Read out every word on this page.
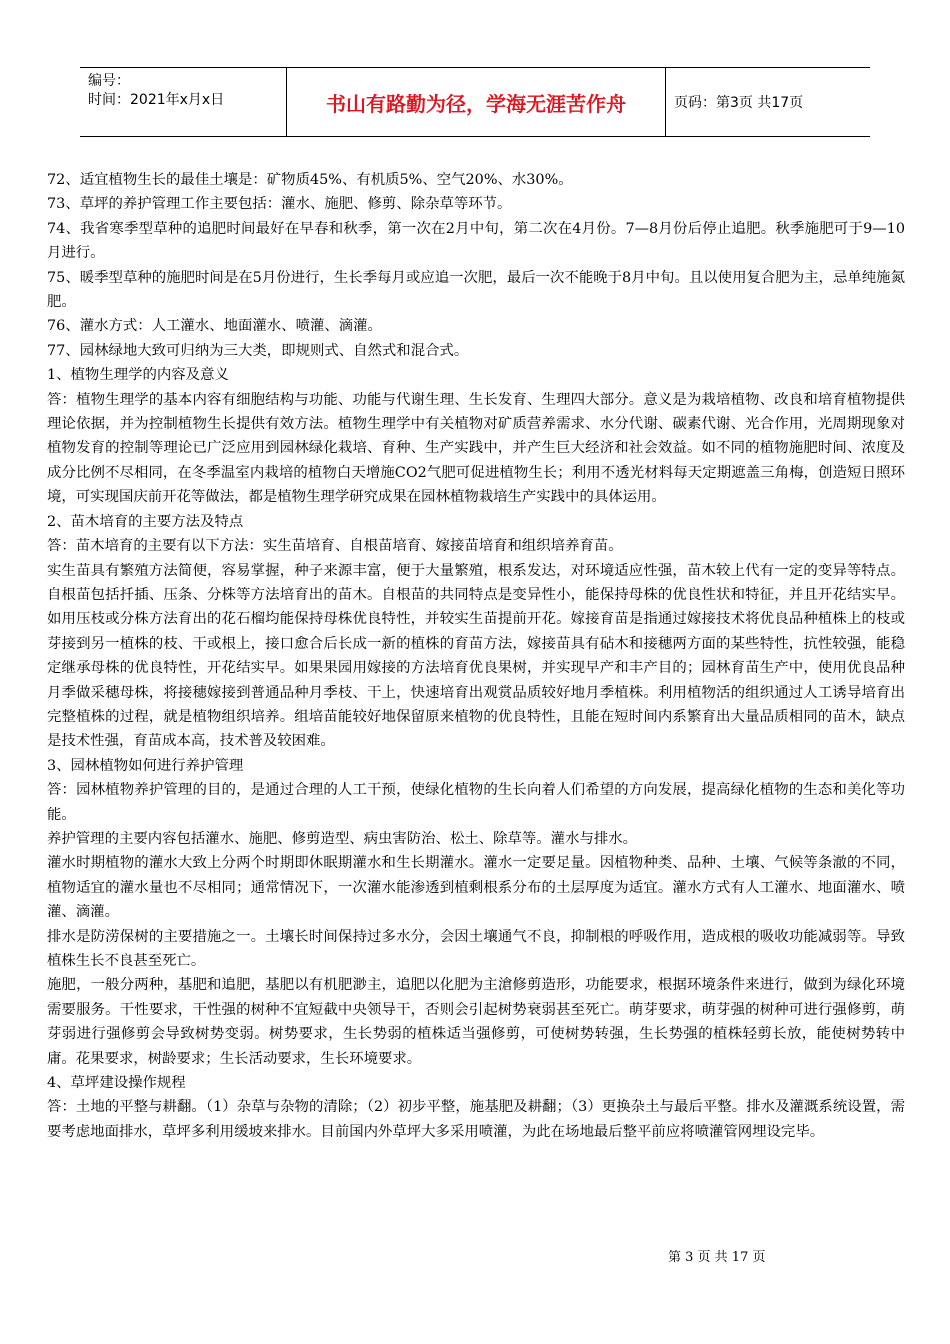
编号：
时间：2021年x月x日	书山有路勤为径，学海无涯苦作舟	页码：第3页 共17页

72、适宜植物生长的最佳土壤是：矿物质45%、有机质5%、空气20%、水30%。

73、草坪的养护管理工作主要包括：灌水、施肥、修剪、除杂草等环节。

74、我省寒季型草种的追肥时间最好在早春和秋季，第一次在2月中旬，第二次在4月份。7—8月份后停止追肥。秋季施肥可于9—10月进行。

75、暖季型草种的施肥时间是在5月份进行，生长季每月或应追一次肥，最后一次不能晚于8月中旬。且以使用复合肥为主，忌单纯施氮肥。

76、灌水方式：人工灌水、地面灌水、喷灌、滴灌。

77、园林绿地大致可归纳为三大类，即规则式、自然式和混合式。

1、植物生理学的内容及意义

答：植物生理学的基本内容有细胞结构与功能、功能与代谢生理、生长发育、生理四大部分。意义是为栽培植物、改良和培育植物提供理论依据，并为控制植物生长提供有效方法。植物生理学中有关植物对矿质营养需求、水分代谢、碳素代谢、光合作用，光周期现象对植物发育的控制等理论已广泛应用到园林绿化栽培、育种、生产实践中，并产生巨大经济和社会效益。如不同的植物施肥时间、浓度及成分比例不尽相同，在冬季温室内栽培的植物白天增施CO2气肥可促进植物生长；利用不透光材料每天定期遮盖三角梅，创造短日照环境，可实现国庆前开花等做法，都是植物生理学研究成果在园林植物栽培生产实践中的具体运用。

2、苗木培育的主要方法及特点

答：苗木培育的主要有以下方法：实生苗培育、自根苗培育、嫁接苗培育和组织培养育苗。

实生苗具有繁殖方法简便，容易掌握，种子来源丰富，便于大量繁殖，根系发达，对环境适应性强，苗木较上代有一定的变异等特点。自根苗包括扦插、压条、分株等方法培育出的苗木。自根苗的共同特点是变异性小，能保持母株的优良性状和特征，并且开花结实早。如用压枝或分株方法育出的花石榴均能保持母株优良特性，并较实生苗提前开花。嫁接育苗是指通过嫁接技术将优良品种植株上的枝或芽接到另一植株的枝、干或根上，接口愈合后长成一新的植株的育苗方法，嫁接苗具有砧木和接穗两方面的某些特性，抗性较强，能稳定继承母株的优良特性，开花结实早。如果果园用嫁接的方法培育优良果树，并实现早产和丰产目的；园林育苗生产中，使用优良品种月季做采穗母株，将接穗嫁接到普通品种月季枝、干上，快速培育出观赏品质较好地月季植株。利用植物活的组织通过人工诱导培育出完整植株的过程，就是植物组织培养。组培苗能较好地保留原来植物的优良特性，且能在短时间内系繁育出大量品质相同的苗木，缺点是技术性强，育苗成本高，技术普及较困难。

3、园林植物如何进行养护管理

答：园林植物养护管理的目的，是通过合理的人工干预，使绿化植物的生长向着人们希望的方向发展，提高绿化植物的生态和美化等功能。

养护管理的主要内容包括灌水、施肥、修剪造型、病虫害防治、松土、除草等。灌水与排水。

灌水时期植物的灌水大致上分两个时期即休眠期灌水和生长期灌水。灌水一定要足量。因植物种类、品种、土壤、气候等条澈的不同，植物适宜的灌水量也不尽相同；通常情况下，一次灌水能渗透到植剩根系分布的土层厚度为适宜。灌水方式有人工灌水、地面灌水、喷灌、滴灌。

排水是防涝保树的主要措施之一。土壤长时间保持过多水分，会因土壤通气不良，抑制根的呼吸作用，造成根的吸收功能减弱等。导致植株生长不良甚至死亡。

施肥，一般分两种，基肥和追肥，基肥以有机肥渺主，追肥以化肥为主滄修剪造形，功能要求，根据环境条件来进行，做到为绿化环境需要服务。干性要求，干性强的树种不宜短截中央领导干，否则会引起树势衰弱甚至死亡。萌芽要求，萌芽强的树种可进行强修剪，萌芽弱进行强修剪会导致树势变弱。树势要求，生长势弱的植株适当强修剪，可使树势转强，生长势强的植株轻剪长放，能使树势转中庸。花果要求，树龄要求；生长活动要求，生长环境要求。

4、草坪建设操作规程

答：土地的平整与耕翻。（1）杂草与杂物的清除；（2）初步平整，施基肥及耕翻；（3）更换杂土与最后平整。排水及灌溉系统设置，需要考虑地面排水，草坪多利用缓坡来排水。目前国内外草坪大多采用喷灌，为此在场地最后整平前应将喷灌管网埋设完毕。

第 3 页 共 17 页
